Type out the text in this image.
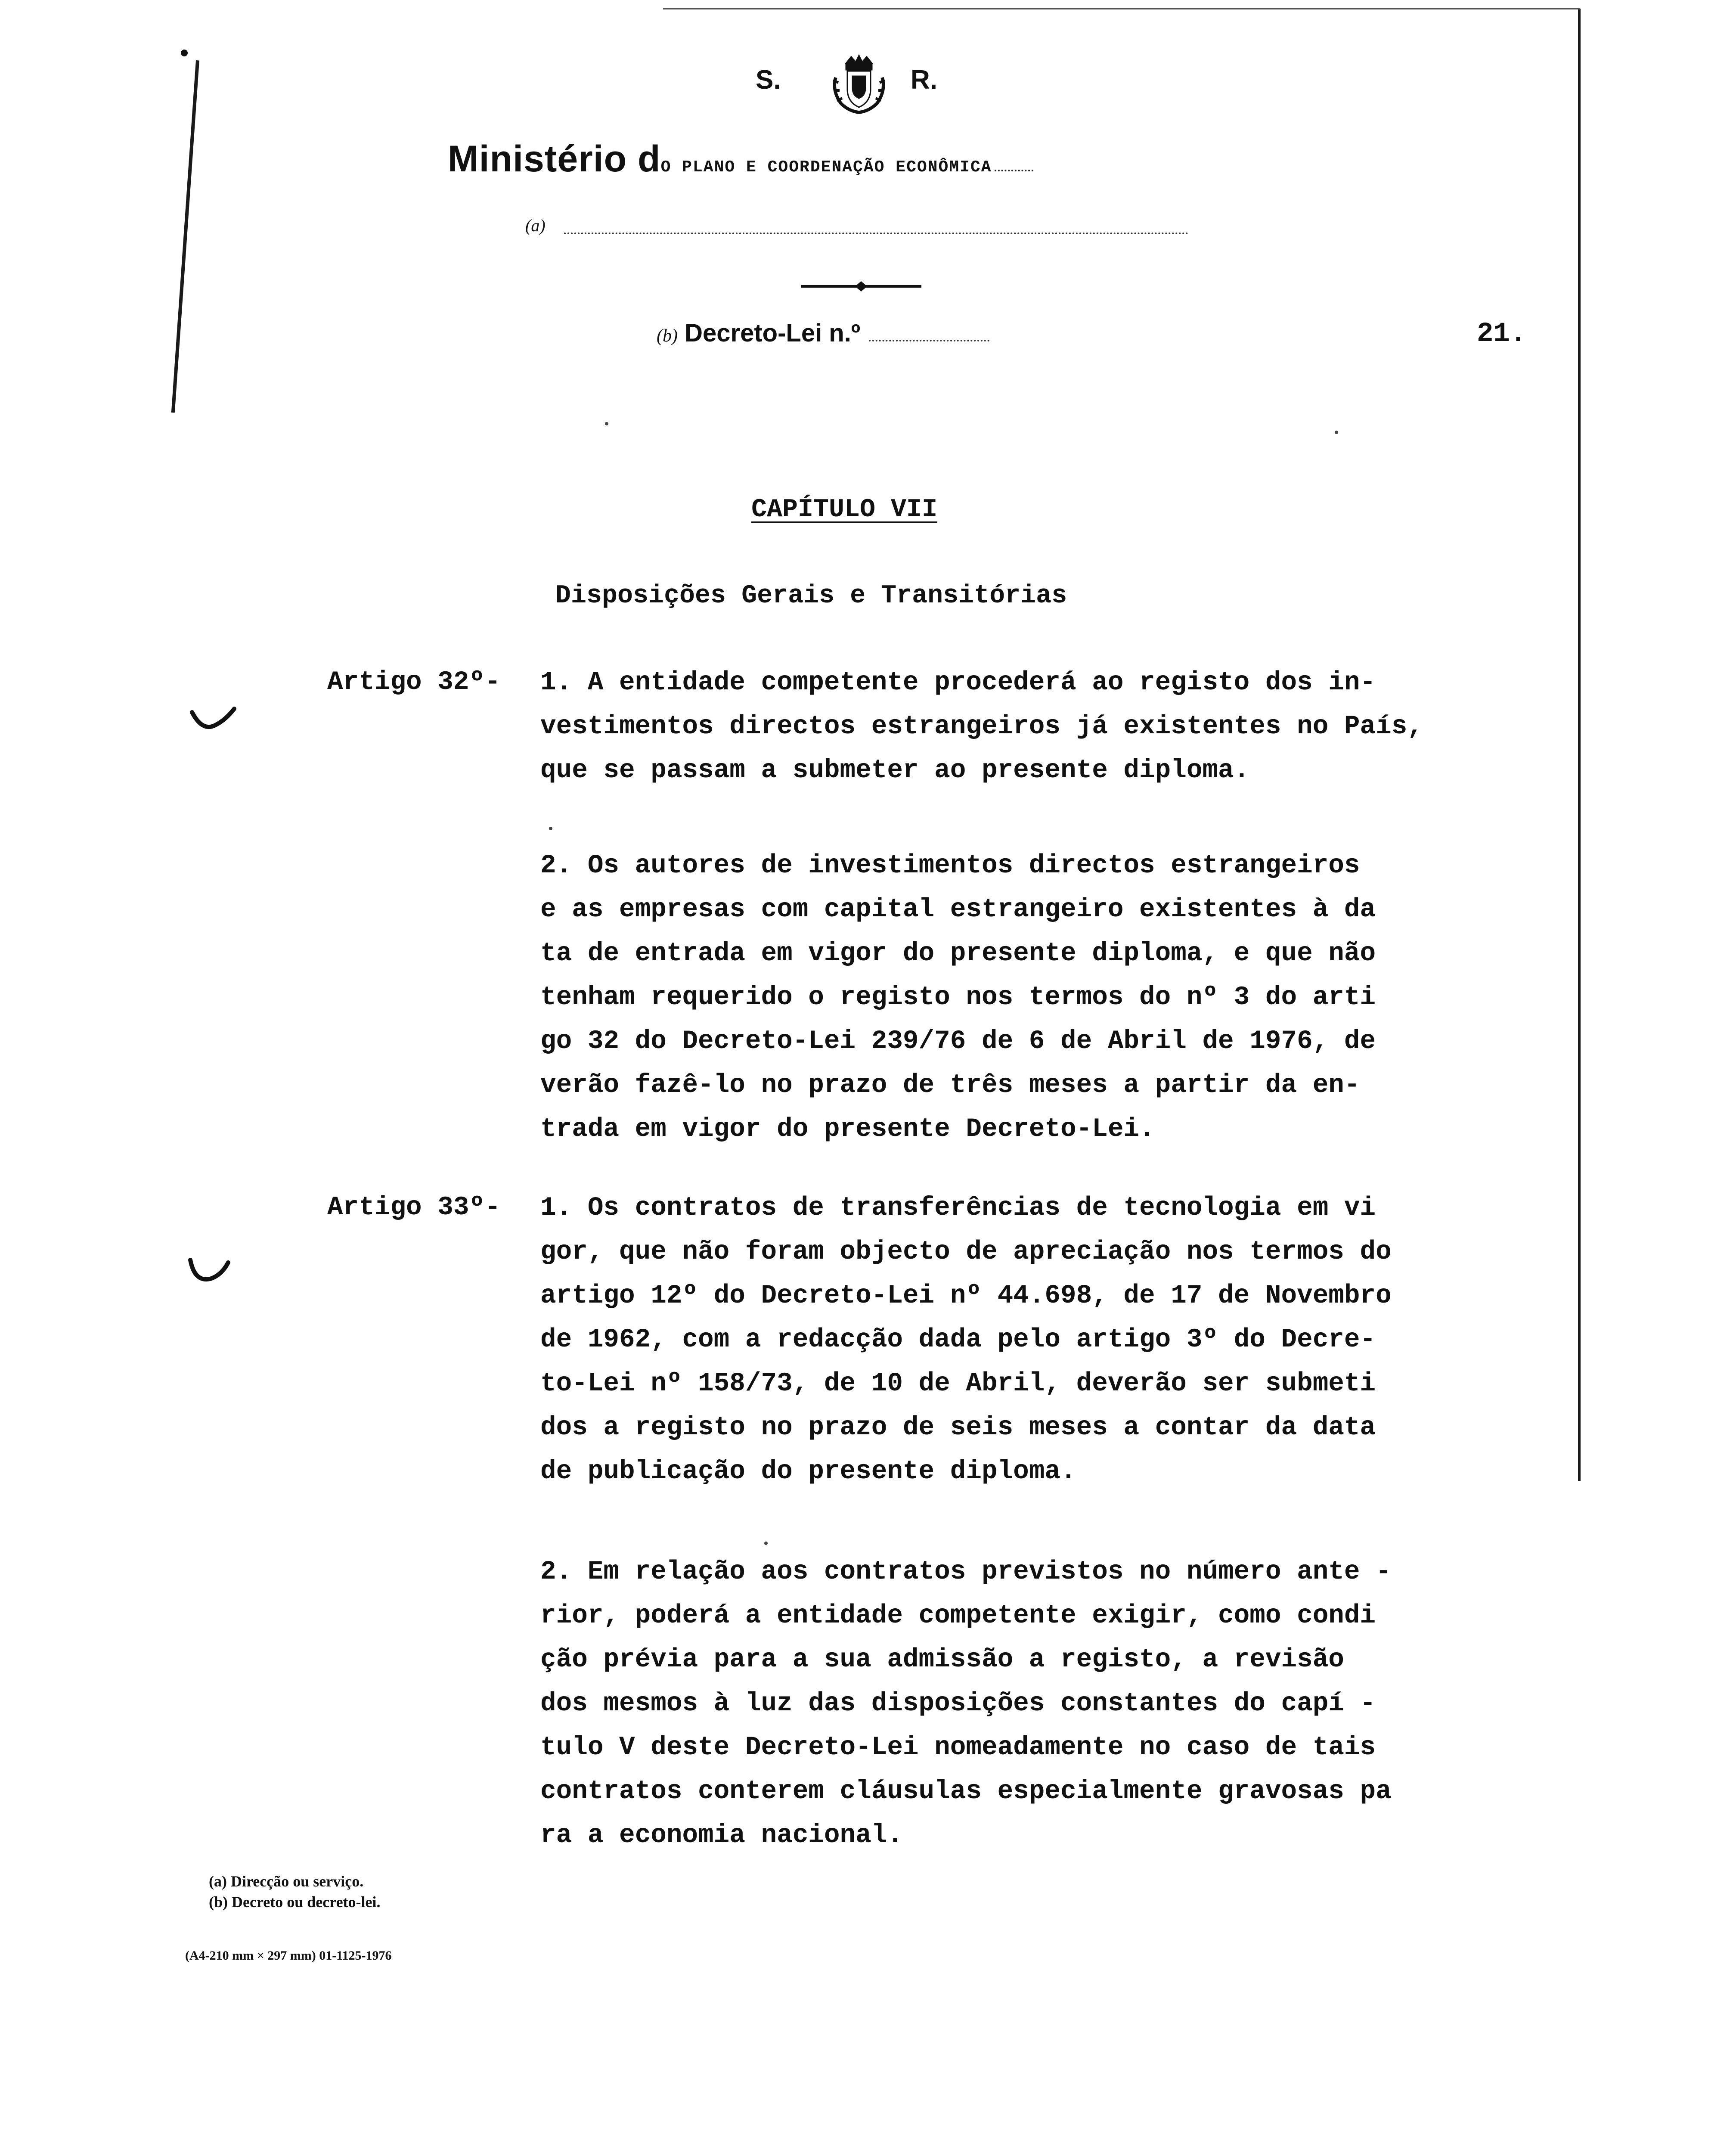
S.	R.
Ministério dO PLANO E COORDENAÇÃO ECONÔMICA
(a)
(b) Decreto-Lei n.º	21.
CAPÍTULO VII
Disposições Gerais e Transitórias
Artigo 32º- 1. A entidade competente procederá ao registo dos in-
vestimentos directos estrangeiros já existentes no País,
que se passam a submeter ao presente diploma.
2. Os autores de investimentos directos estrangeiros
e as empresas com capital estrangeiro existentes à da
ta de entrada em vigor do presente diploma, e que não
tenham requerido o registo nos termos do nº 3 do arti
go 32 do Decreto-Lei 239/76 de 6 de Abril de 1976, de
verão fazê-lo no prazo de três meses a partir da en-
trada em vigor do presente Decreto-Lei.
Artigo 33º- 1. Os contratos de transferências de tecnologia em vi
gor, que não foram objecto de apreciação nos termos do
artigo 12º do Decreto-Lei nº 44.698, de 17 de Novembro
de 1962, com a redacção dada pelo artigo 3º do Decre-
to-Lei nº 158/73, de 10 de Abril, deverão ser submeti
dos a registo no prazo de seis meses a contar da data
de publicação do presente diploma.
2. Em relação aos contratos previstos no número ante -
rior, poderá a entidade competente exigir, como condi
ção prévia para a sua admissão a registo, a revisão
dos mesmos à luz das disposições constantes do capí -
tulo V deste Decreto-Lei nomeadamente no caso de tais
contratos conterem cláusulas especialmente gravosas pa
ra a economia nacional.
(a) Direcção ou serviço.
(b) Decreto ou decreto-lei.
(A4-210 mm × 297 mm) 01-1125-1976
